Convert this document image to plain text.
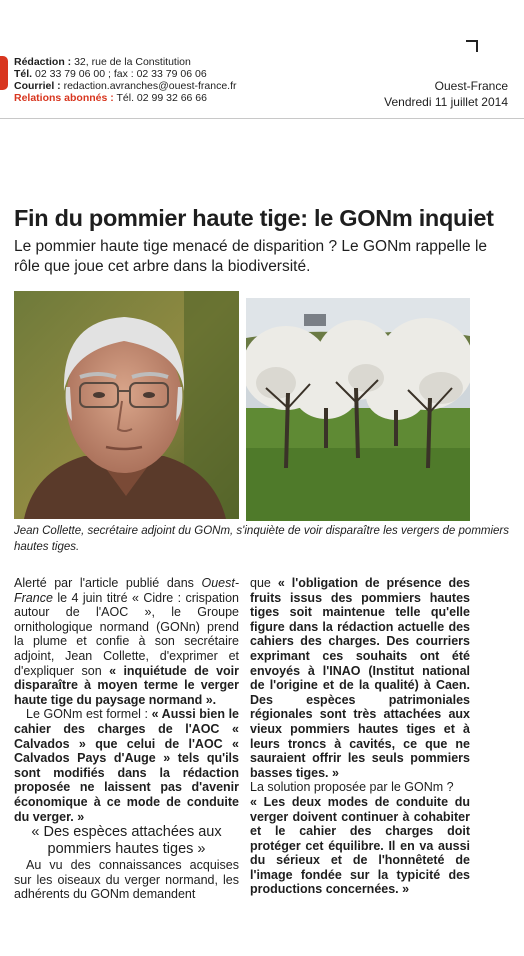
Rédaction : 32, rue de la Constitution
Tél. 02 33 79 06 00 ; fax : 02 33 79 06 06
Courriel : redaction.avranches@ouest-france.fr
Relations abonnés : Tél. 02 99 32 66 66
Ouest-France
Vendredi 11 juillet 2014
Fin du pommier haute tige: le GONm inquiet
Le pommier haute tige menacé de disparition ? Le GONm rappelle le rôle que joue cet arbre dans la biodiversité.
Jean Collette, secrétaire adjoint du GONm, s'inquiète de voir disparaître les vergers de pommiers hautes tiges.

Alerté par l'article publié dans Ouest-France le 4 juin titré « Cidre : crispation autour de l'AOC », le Groupe ornithologique normand (GONn) prend la plume et confie à son secrétaire adjoint, Jean Collette, d'exprimer et d'expliquer son « inquiétude de voir disparaître à moyen terme le verger haute tige du paysage normand ».

Le GONm est formel : « Aussi bien le cahier des charges de l'AOC « Calvados » que celui de l'AOC « Calvados Pays d'Auge » tels qu'ils sont modifiés dans la rédaction proposée ne laissent pas d'avenir économique à ce mode de conduite du verger. »

« Des espèces attachées aux pommiers hautes tiges »

Au vu des connaissances acquises sur les oiseaux du verger normand, les adhérents du GONm demandent

que « l'obligation de présence des fruits issus des pommiers hautes tiges soit maintenue telle qu'elle figure dans la rédaction actuelle des cahiers des charges. Des courriers exprimant ces souhaits ont été envoyés à l'INAO (Institut national de l'origine et de la qualité) à Caen. Des espèces patrimoniales régionales sont très attachées aux vieux pommiers hautes tiges et à leurs troncs à cavités, ce que ne sauraient offrir les seuls pommiers basses tiges. »

La solution proposée par le GONm ?

« Les deux modes de conduite du verger doivent continuer à cohabiter et le cahier des charges doit protéger cet équilibre. Il en va aussi du sérieux et de l'honnêteté de l'image fondée sur la typicité des productions concernées. »
